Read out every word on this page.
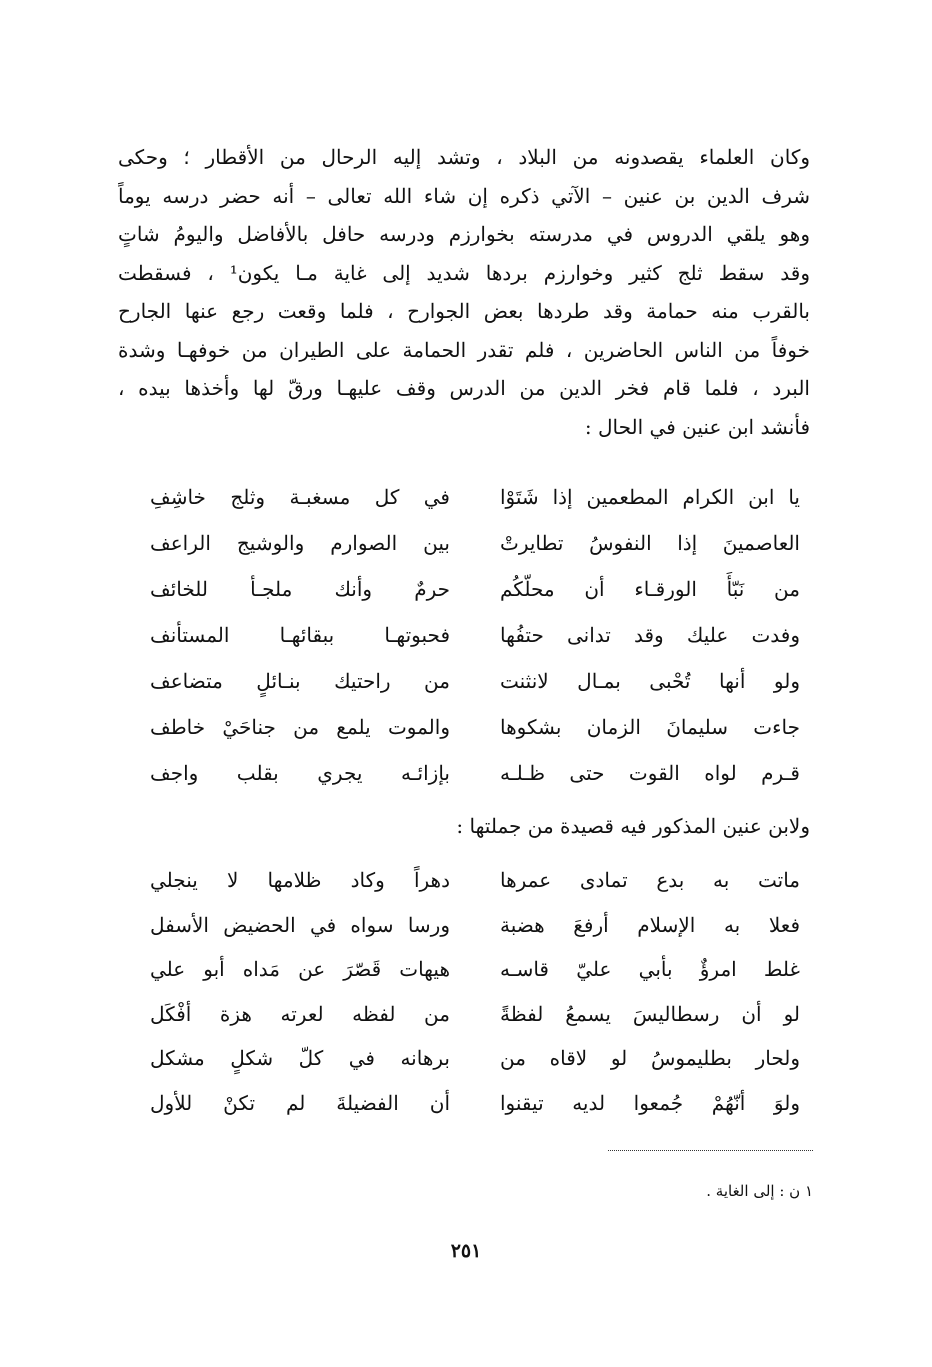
وكان العلماء يقصدونه من البلاد ، وتشد إليه الرحال من الأقطار ؛ وحكى
شرف الدين بن عنين – الآتي ذكره إن شاء الله تعالى – أنه حضر درسه يوماً
وهو يلقي الدروس في مدرسته بخوارزم ودرسه حافل بالأفاضل واليومُ شاتٍ
وقد سقط ثلج كثير وخوارزم بردها شديد إلى غاية مـا يكون¹ ، فسقطت
بالقرب منه حمامة وقد طردها بعض الجوارح ، فلما وقعت رجع عنها الجارح
خوفاً من الناس الحاضرين ، فلم تقدر الحمامة على الطيران من خوفهـا وشدة
البرد ، فلما قام فخر الدين من الدرس وقف عليهـا ورقّ لها وأخذها بيده ،
فأنشد ابن عنين في الحال :
يا ابن الكرام المطعمين إذا شَتَوْا
في كل مسغبـة وثلج خاشِفِ
العاصمينَ إذا النفوسُ تطايرتْ
بين الصوارم والوشيج الراعف
من نَبّأَ الورقـاء أن محلّكُم
حرمٌ وأنك ملجـأ للخائف
وفدت عليك وقد تدانى حتفُها
فحبوتهـا ببقائهـا المستأنف
ولو أنها تُحْبى بمـال لانثنت
من راحتيك بنـائلٍ متضاعف
جاءت سليمانَ الزمان بشكوها
والموت يلمع من جناحَيْ خاطف
قـرم لواه القوت حتى ظـلـه
بإزائـه يجري بقلب واجف
ولابن عنين المذكور فيه قصيدة من جملتها :
ماتت به بدع تمادى عمرها
دهراً وكاد ظلامها لا ينجلي
فعلا به الإسلام أرفعَ هضبة
ورسا سواه في الحضيض الأسفل
غلط امرؤٌ بأبي عليّ قاسـه
هيهات قَصّرَ عن مَداه أبو علي
لو أن رسطاليسَ يسمعُ لفظةً
من لفظه لعرته هزة أفْكَل
ولحار بطليموسُ لو لاقاه من
برهانه في كلّ شكلٍ مشكل
ولوَ أنّهُمْ جُمعوا لديه تيقنوا
أن الفضيلةَ لم تكنْ للأول
١ ن : إلى الغاية .
٢٥١
